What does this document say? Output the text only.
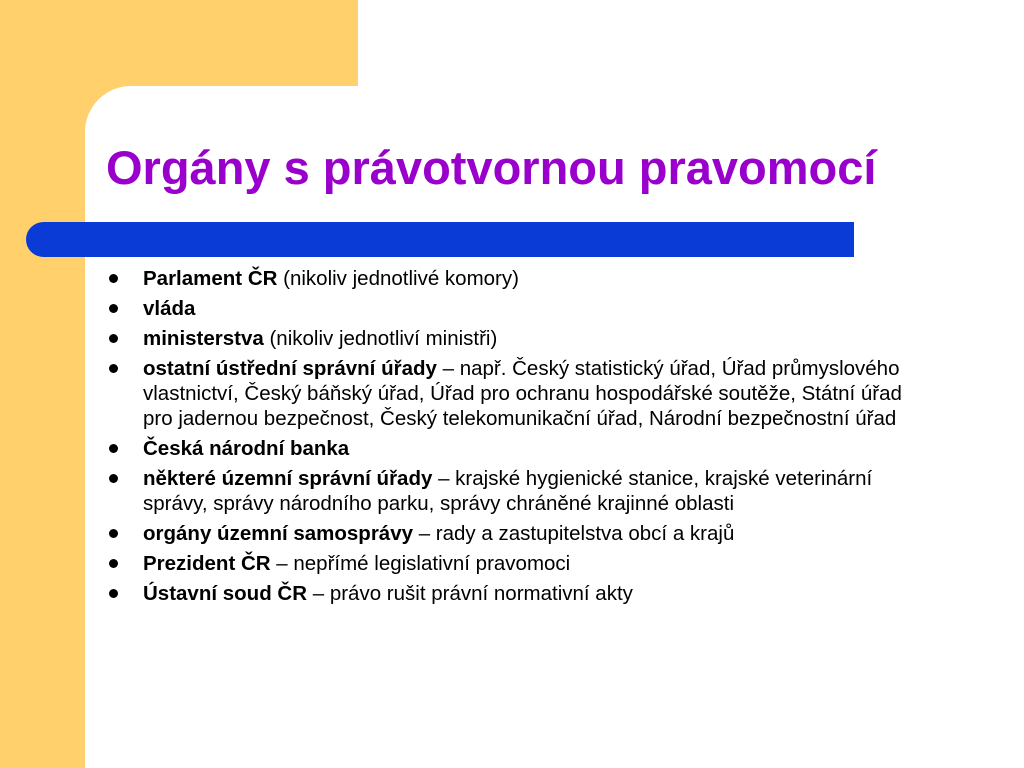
Orgány s právotvornou pravomocí
Parlament ČR (nikoliv jednotlivé komory)
vláda
ministerstva (nikoliv jednotliví ministři)
ostatní ústřední správní úřady – např. Český statistický úřad, Úřad průmyslového vlastnictví, Český báňský úřad, Úřad pro ochranu hospodářské soutěže, Státní úřad pro jadernou bezpečnost, Český telekomunikační úřad, Národní bezpečnostní úřad
Česká národní banka
některé územní správní úřady – krajské hygienické stanice, krajské veterinární správy, správy národního parku, správy chráněné krajinné oblasti
orgány územní samosprávy – rady a zastupitelstva obcí a krajů
Prezident ČR – nepřímé legislativní pravomoci
Ústavní soud ČR – právo rušit právní normativní akty
